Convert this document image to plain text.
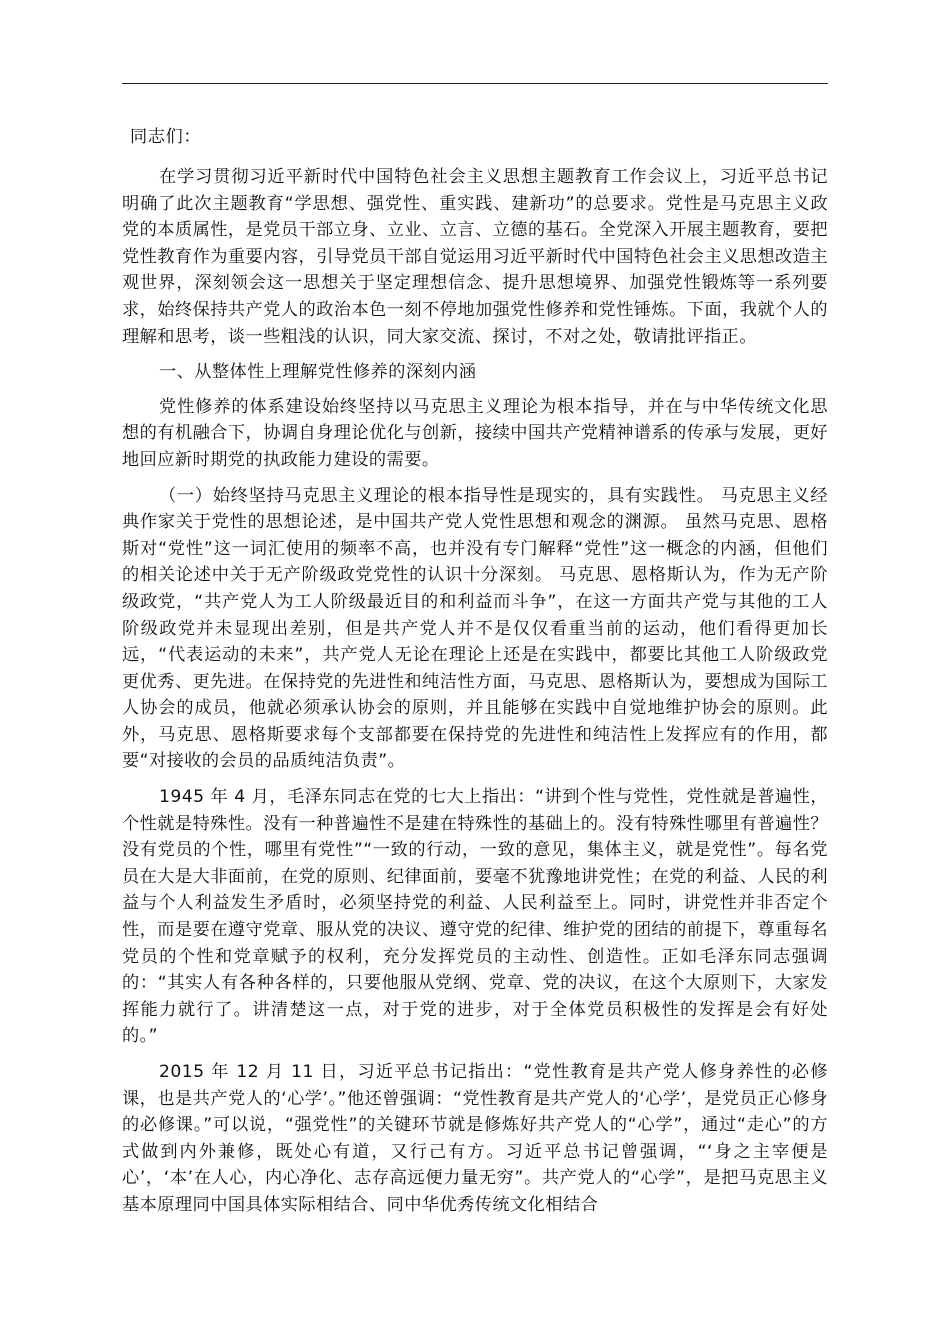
同志们：

在学习贯彻习近平新时代中国特色社会主义思想主题教育工作会议上，习近平总书记明确了此次主题教育“学思想、强党性、重实践、建新功”的总要求。党性是马克思主义政党的本质属性，是党员干部立身、立业、立言、立德的基石。全党深入开展主题教育，要把党性教育作为重要内容，引导党员干部自觉运用习近平新时代中国特色社会主义思想改造主观世界，深刻领会这一思想关于坚定理想信念、提升思想境界、加强党性锻炼等一系列要求，始终保持共产党人的政治本色一刻不停地加强党性修养和党性锤炼。下面，我就个人的理解和思考，谈一些粗浅的认识，同大家交流、探讨，不对之处，敬请批评指正。

一、从整体性上理解党性修养的深刻内涵

党性修养的体系建设始终坚持以马克思主义理论为根本指导，并在与中华传统文化思想的有机融合下，协调自身理论优化与创新，接续中国共产党精神谱系的传承与发展，更好地回应新时期党的执政能力建设的需要。

（一）始终坚持马克思主义理论的根本指导性是现实的，具有实践性。 马克思主义经典作家关于党性的思想论述，是中国共产党人党性思想和观念的渊源。 虽然马克思、恩格斯对“党性”这一词汇使用的频率不高，也并没有专门解释“党性”这一概念的内涵，但他们的相关论述中关于无产阶级政党党性的认识十分深刻。 马克思、恩格斯认为，作为无产阶级政党，“共产党人为工人阶级最近目的和利益而斗争”，在这一方面共产党与其他的工人阶级政党并未显现出差别，但是共产党人并不是仅仅看重当前的运动，他们看得更加长远，“代表运动的未来”，共产党人无论在理论上还是在实践中，都要比其他工人阶级政党更优秀、更先进。在保持党的先进性和纯洁性方面，马克思、恩格斯认为，要想成为国际工人协会的成员，他就必须承认协会的原则，并且能够在实践中自觉地维护协会的原则。此外，马克思、恩格斯要求每个支部都要在保持党的先进性和纯洁性上发挥应有的作用，都要“对接收的会员的品质纯洁负责”。

1945 年 4 月，毛泽东同志在党的七大上指出：“讲到个性与党性，党性就是普遍性，个性就是特殊性。没有一种普遍性不是建在特殊性的基础上的。没有特殊性哪里有普遍性？没有党员的个性，哪里有党性”“一致的行动，一致的意见，集体主义，就是党性”。每名党员在大是大非面前，在党的原则、纪律面前，要毫不犹豫地讲党性；在党的利益、人民的利益与个人利益发生矛盾时，必须坚持党的利益、人民利益至上。同时，讲党性并非否定个性，而是要在遵守党章、服从党的决议、遵守党的纪律、维护党的团结的前提下，尊重每名党员的个性和党章赋予的权利，充分发挥党员的主动性、创造性。正如毛泽东同志强调的：“其实人有各种各样的，只要他服从党纲、党章、党的决议，在这个大原则下，大家发挥能力就行了。讲清楚这一点，对于党的进步，对于全体党员积极性的发挥是会有好处的。”

2015 年 12 月 11 日，习近平总书记指出：“党性教育是共产党人修身养性的必修课，也是共产党人的‘心学’。”他还曾强调：“党性教育是共产党人的‘心学’，是党员正心修身的必修课。”可以说，“强党性”的关键环节就是修炼好共产党人的“心学”，通过“走心”的方式做到内外兼修，既处心有道，又行己有方。习近平总书记曾强调，“‘身之主宰便是心’，‘本’在人心，内心净化、志存高远便力量无穷”。共产党人的“心学”，是把马克思主义基本原理同中国具体实际相结合、同中华优秀传统文化相结合
